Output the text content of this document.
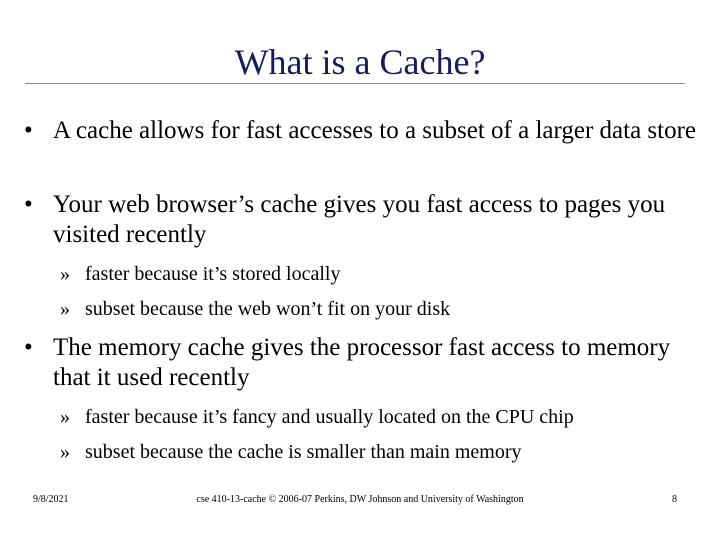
What is a Cache?
• A cache allows for fast accesses to a subset of a larger data store
• Your web browser’s cache gives you fast access to pages you visited recently
» faster because it’s stored locally
» subset because the web won’t fit on your disk
• The memory cache gives the processor fast access to memory that it used recently
» faster because it’s fancy and usually located on the CPU chip
» subset because the cache is smaller than main memory
9/8/2021	cse 410-13-cache © 2006-07 Perkins, DW Johnson and University of Washington	8
